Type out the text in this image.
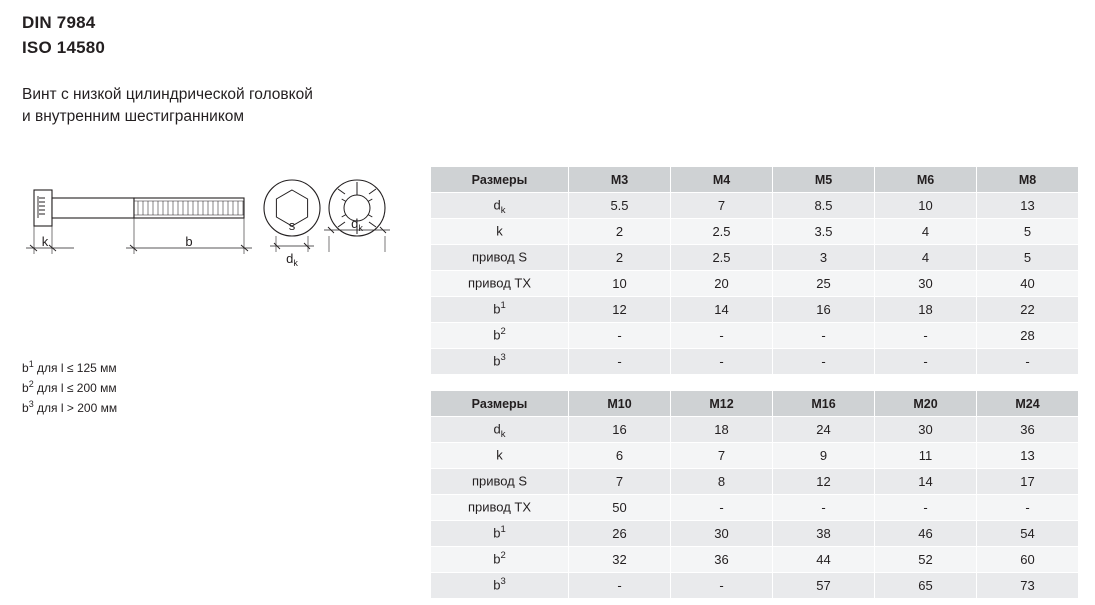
DIN 7984
ISO 14580
Винт с низкой цилиндрической головкой
и внутренним шестигранником
k	b
s
$d_k$
$d_k$
$b^1$ для l ≤ 125 мм
$b^2$ для l ≤ 200 мм
$b^3$ для l > 200 мм
Размеры	M3	M4	M5	M6	M8
$d_k$	5.5	7	8.5	10	13
k	2	2.5	3.5	4	5
привод S	2	2.5	3	4	5
привод TX	10	20	25	30	40
$b^1$	12	14	16	18	22
$b^2$	-	-	-	-	28
$b^3$	-	-	-	-	-
Размеры	M10	M12	M16	M20	M24
$d_k$	16	18	24	30	36
k	6	7	9	11	13
привод S	7	8	12	14	17
привод TX	50	-	-	-	-
$b^1$	26	30	38	46	54
$b^2$	32	36	44	52	60
$b^3$	-	-	57	65	73
